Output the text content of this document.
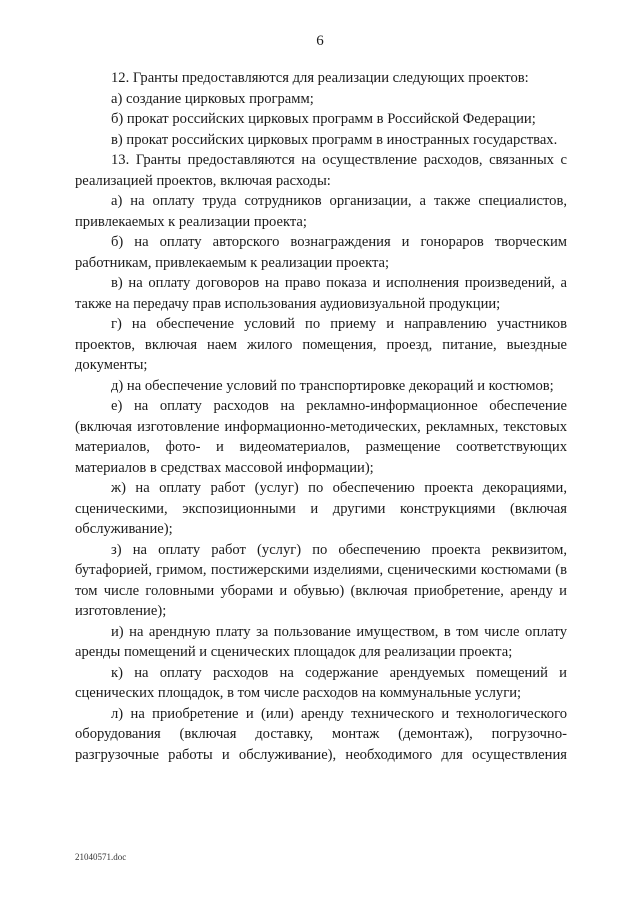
6

12. Гранты предоставляются для реализации следующих проектов:

а) создание цирковых программ;

б) прокат российских цирковых программ в Российской Федерации;

в) прокат российских цирковых программ в иностранных государствах.

13. Гранты предоставляются на осуществление расходов, связанных с реализацией проектов, включая расходы:

а) на оплату труда сотрудников организации, а также специалистов, привлекаемых к реализации проекта;

б) на оплату авторского вознаграждения и гонораров творческим работникам, привлекаемым к реализации проекта;

в) на оплату договоров на право показа и исполнения произведений, а также на передачу прав использования аудиовизуальной продукции;

г) на обеспечение условий по приему и направлению участников проектов, включая наем жилого помещения, проезд, питание, выездные документы;

д) на обеспечение условий по транспортировке декораций и костюмов;

е) на оплату расходов на рекламно-информационное обеспечение (включая изготовление информационно-методических, рекламных, текстовых материалов, фото- и видеоматериалов, размещение соответствующих материалов в средствах массовой информации);

ж) на оплату работ (услуг) по обеспечению проекта декорациями, сценическими, экспозиционными и другими конструкциями (включая обслуживание);

з) на оплату работ (услуг) по обеспечению проекта реквизитом, бутафорией, гримом, постижерскими изделиями, сценическими костюмами (в том числе головными уборами и обувью) (включая приобретение, аренду и изготовление);

и) на арендную плату за пользование имуществом, в том числе оплату аренды помещений и сценических площадок для реализации проекта;

к) на оплату расходов на содержание арендуемых помещений и сценических площадок, в том числе расходов на коммунальные услуги;

л) на приобретение и (или) аренду технического и технологического оборудования (включая доставку, монтаж (демонтаж), погрузочно-разгрузочные работы и обслуживание), необходимого для осуществления

21040571.doc
